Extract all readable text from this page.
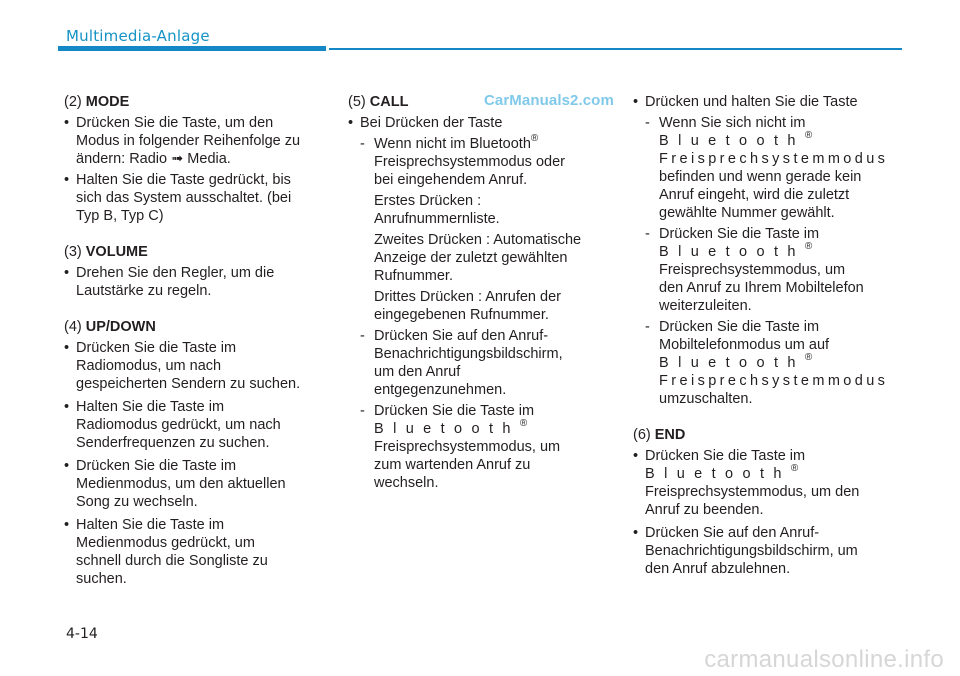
Multimedia-Anlage
CarManuals2.com

(2) MODE

• Drücken Sie die Taste, um den
Modus in folgender Reihenfolge zu
ändern: Radio ➟ Media.

• Halten Sie die Taste gedrückt, bis
sich das System ausschaltet. (bei
Typ B, Typ C)

(3) VOLUME

• Drehen Sie den Regler, um die
Lautstärke zu regeln.

(4) UP/DOWN

• Drücken Sie die Taste im
Radiomodus, um nach
gespeicherten Sendern zu suchen.

• Halten Sie die Taste im
Radiomodus gedrückt, um nach
Senderfrequenzen zu suchen.

• Drücken Sie die Taste im
Medienmodus, um den aktuellen
Song zu wechseln.

• Halten Sie die Taste im
Medienmodus gedrückt, um
schnell durch die Songliste zu
suchen.

(5) CALL

• Bei Drücken der Taste

- Wenn nicht im Bluetooth®
Freisprechsystemmodus oder
bei eingehendem Anruf.

Erstes Drücken :
Anrufnummernliste.

Zweites Drücken : Automatische
Anzeige der zuletzt gewählten
Rufnummer.

Drittes Drücken : Anrufen der
eingegebenen Rufnummer.

- Drücken Sie auf den Anruf-
Benachrichtigungsbildschirm,
um den Anruf
entgegenzunehmen.

- Drücken Sie die Taste im
Bluetooth®
Freisprechsystemmodus, um
zum wartenden Anruf zu
wechseln.

• Drücken und halten Sie die Taste

- Wenn Sie sich nicht im
Bluetooth®
Freisprechsystemmodus
befinden und wenn gerade kein
Anruf eingeht, wird die zuletzt
gewählte Nummer gewählt.

- Drücken Sie die Taste im
Bluetooth®
Freisprechsystemmodus, um
den Anruf zu Ihrem Mobiltelefon
weiterzuleiten.

- Drücken Sie die Taste im
Mobiltelefonmodus um auf
Bluetooth®
Freisprechsystemmodus
umzuschalten.

(6) END

• Drücken Sie die Taste im
Bluetooth®
Freisprechsystemmodus, um den
Anruf zu beenden.

• Drücken Sie auf den Anruf-
Benachrichtigungsbildschirm, um
den Anruf abzulehnen.

4-14
carmanualsonline.info
